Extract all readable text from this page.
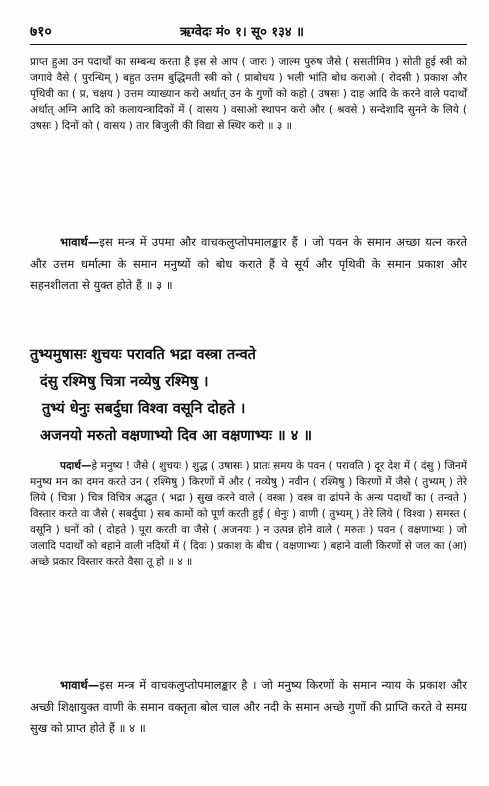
७१०	ऋग्वेदः मं० १। सू० १३४ ॥

प्राप्त हुआ उन पदार्थों का सम्बन्ध करता है इस से आप ( जारः ) जाल्म पुरुष जैसे ( ससतीमिव ) सोती हुई स्त्री को जगावे वैसे ( पुरन्धिम् ) बहुत उत्तम बुद्धिमती स्त्री को ( प्राबोधय ) भली भांति बोध कराओ ( रोदसी ) प्रकाश और पृथिवी का ( प्र, चक्षय ) उत्तम व्याख्यान करो अर्थात् उन के गुणों को कहो ( उषसः ) दाह आदि के करने वाले पदार्थों अर्थात् अग्नि आदि को कलायन्त्रादिकों में ( वासय ) वसाओ स्थापन करो और ( श्रवसे ) सन्देशादि सुनने के लिये ( उषसः ) दिनों को ( वासय ) तार बिजुली की विद्या से स्थिर करो ॥ ३ ॥

भावार्थ—इस मन्त्र में उपमा और वाचकलुप्तोपमालङ्कार हैं । जो पवन के समान अच्छा यत्न करते और उत्तम धर्मात्मा के समान मनुष्यों को बोध कराते हैं वे सूर्य और पृथिवी के समान प्रकाश और सहनशीलता से युक्त होते हैं ॥ ३ ॥

तुभ्यमुषासः शुचयः परावति भद्रा वस्त्रा तन्वते
दंसु रश्मिषु चित्रा नव्येषु रश्मिषु ।
तुभ्यं धेनुः सबर्दुघा विश्वा वसूनि दोहते ।
अजनयो मरुतो वक्षणाभ्यो दिव आ वक्षणाभ्यः ॥ ४ ॥

पदार्थ—हे मनुष्य ! जैसे ( शुचयः ) शुद्ध ( उषासः ) प्रातः समय के पवन ( परावति ) दूर देश में ( दंसु ) जिनमें मनुष्य मन का दमन करते उन ( रश्मिषु ) किरणों में और ( नव्येषु ) नवीन ( रश्मिषु ) किरणों में जैसे ( तुभ्यम् ) तेरे लिये ( चित्रा ) चित्र विचित्र अद्भुत ( भद्रा ) सुख करने वाले ( वस्त्रा ) वस्त्र वा ढांपने के अन्य पदार्थों का ( तन्वते ) विस्तार करते वा जैसे ( सबर्दुघा ) सब कामों को पूर्ण करती हुई ( धेनुः ) वाणी ( तुभ्यम् ) तेरे लिये ( विश्वा ) समस्त ( वसूनि ) धनों को ( दोहते ) पूरा करती वा जैसे ( अजनयः ) न उत्पन्न होने वाले ( मरुतः ) पवन ( वक्षणाभ्यः ) जो जलादि पदार्थों को बहाने वाली नदियों में ( दिवः ) प्रकाश के बीच ( वक्षणाभ्यः ) बहाने वाली किरणों से जल का (आ) अच्छे प्रकार विस्तार करते वैसा तू हो ॥ ४ ॥

भावार्थ—इस मन्त्र में वाचकलुप्तोपमालङ्कार है । जो मनुष्य किरणों के समान न्याय के प्रकाश और अच्छी शिक्षायुक्त वाणी के समान वक्तृता बोल चाल और नदी के समान अच्छे गुणों की प्राप्ति करते वे समग्र सुख को प्राप्त होते हैं ॥ ४ ॥
